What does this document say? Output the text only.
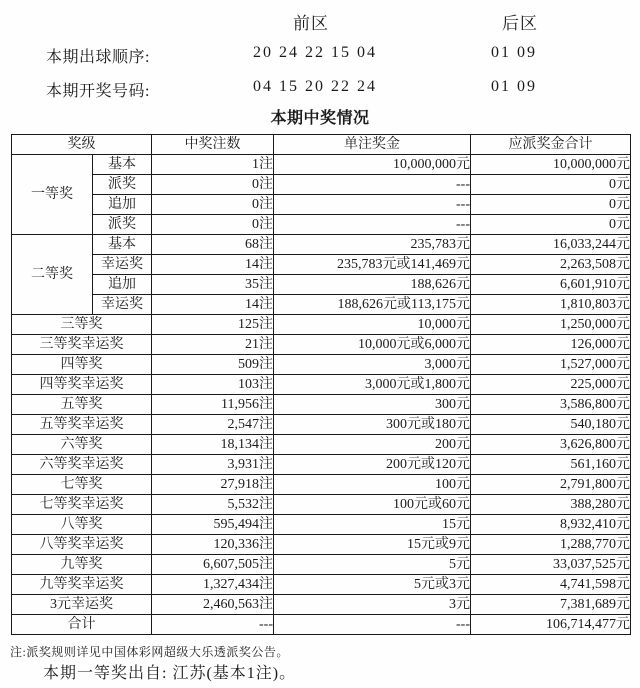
前区	后区
本期出球顺序:	20 24 22 15 04	01 09
本期开奖号码:	04 15 20 22 24	01 09
本期中奖情况
奖级		中奖注数	单注奖金	应派奖金合计
一等奖	基本	1注	10,000,000元	10,000,000元
	派奖	0注	---	0元
	追加	0注	---	0元
	派奖	0注	---	0元
二等奖	基本	68注	235,783元	16,033,244元
	幸运奖	14注	235,783元或141,469元	2,263,508元
	追加	35注	188,626元	6,601,910元
	幸运奖	14注	188,626元或113,175元	1,810,803元
三等奖		125注	10,000元	1,250,000元
三等奖幸运奖		21注	10,000元或6,000元	126,000元
四等奖		509注	3,000元	1,527,000元
四等奖幸运奖		103注	3,000元或1,800元	225,000元
五等奖		11,956注	300元	3,586,800元
五等奖幸运奖		2,547注	300元或180元	540,180元
六等奖		18,134注	200元	3,626,800元
六等奖幸运奖		3,931注	200元或120元	561,160元
七等奖		27,918注	100元	2,791,800元
七等奖幸运奖		5,532注	100元或60元	388,280元
八等奖		595,494注	15元	8,932,410元
八等奖幸运奖		120,336注	15元或9元	1,288,770元
九等奖		6,607,505注	5元	33,037,525元
九等奖幸运奖		1,327,434注	5元或3元	4,741,598元
3元幸运奖		2,460,563注	3元	7,381,689元
合计		---	---	106,714,477元
注:派奖规则详见中国体彩网超级大乐透派奖公告。
本期一等奖出自: 江苏(基本1注)。
